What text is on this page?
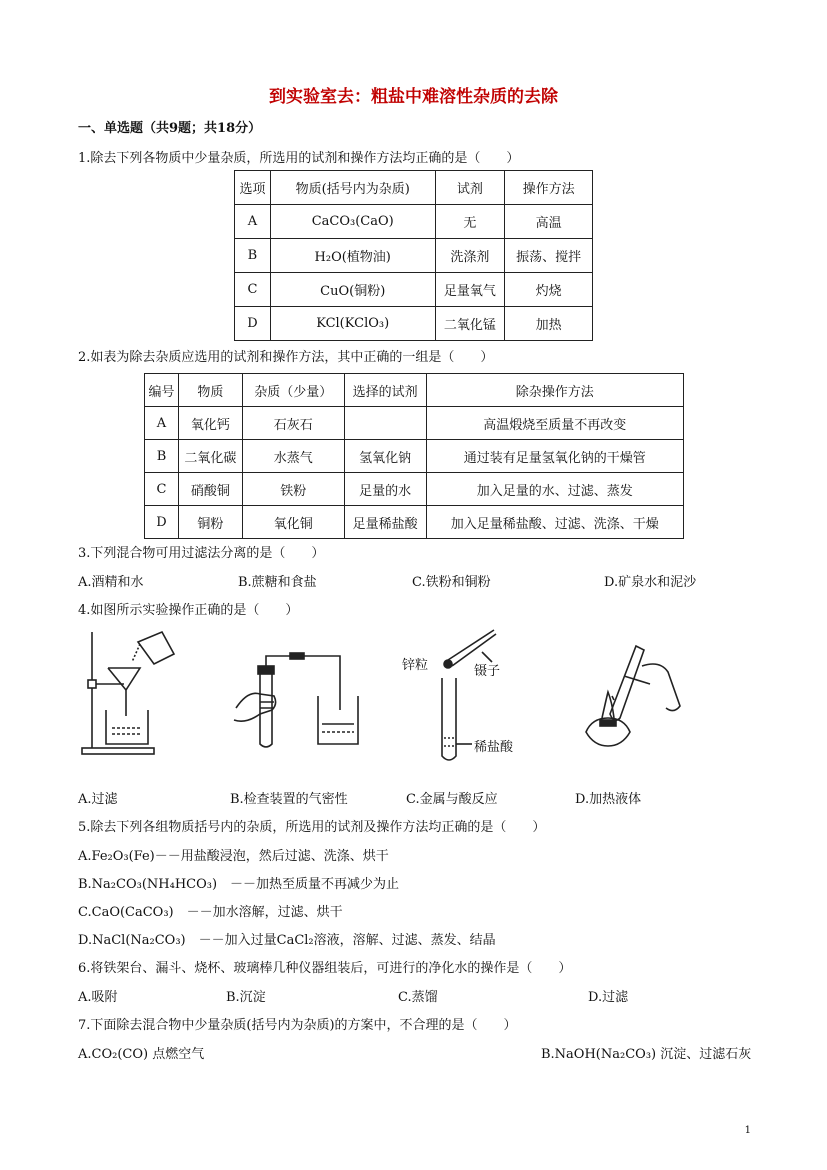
到实验室去：粗盐中难溶性杂质的去除
一、单选题（共9题；共18分）
1.除去下列各物质中少量杂质，所选用的试剂和操作方法均正确的是（　　）
选项	物质(括号内为杂质)	试剂	操作方法
A	CaCO₃(CaO)	无	高温
B	H₂O(植物油)	洗涤剂	振荡、搅拌
C	CuO(铜粉)	足量氧气	灼烧
D	KCl(KClO₃)	二氧化锰	加热
2.如表为除去杂质应选用的试剂和操作方法，其中正确的一组是（　　）
编号	物质	杂质（少量）	选择的试剂	除杂操作方法
A	氧化钙	石灰石		高温煅烧至质量不再改变
B	二氧化碳	水蒸气	氢氧化钠	通过装有足量氢氧化钠的干燥管
C	硝酸铜	铁粉	足量的水	加入足量的水、过滤、蒸发
D	铜粉	氧化铜	足量稀盐酸	加入足量稀盐酸、过滤、洗涤、干燥
3.下列混合物可用过滤法分离的是（　　）
A.酒精和水	B.蔗糖和食盐	C.铁粉和铜粉	D.矿泉水和泥沙
4.如图所示实验操作正确的是（　　）
锌粒	镊子
稀盐酸
A.过滤	B.检查装置的气密性	C.金属与酸反应	D.加热液体
5.除去下列各组物质括号内的杂质，所选用的试剂及操作方法均正确的是（　　）
A.Fe₂O₃(Fe)－－用盐酸浸泡，然后过滤、洗涤、烘干
B.Na₂CO₃(NH₄HCO₃)　－－加热至质量不再减少为止
C.CaO(CaCO₃)　－－加水溶解，过滤、烘干
D.NaCl(Na₂CO₃)　－－加入过量CaCl₂溶液，溶解、过滤、蒸发、结晶
6.将铁架台、漏斗、烧杯、玻璃棒几种仪器组装后，可进行的净化水的操作是（　　）
A.吸附	B.沉淀	C.蒸馏	D.过滤
7.下面除去混合物中少量杂质(括号内为杂质)的方案中，不合理的是（　　）
A.CO₂(CO) 点燃空气	B.NaOH(Na₂CO₃) 沉淀、过滤石灰
1
